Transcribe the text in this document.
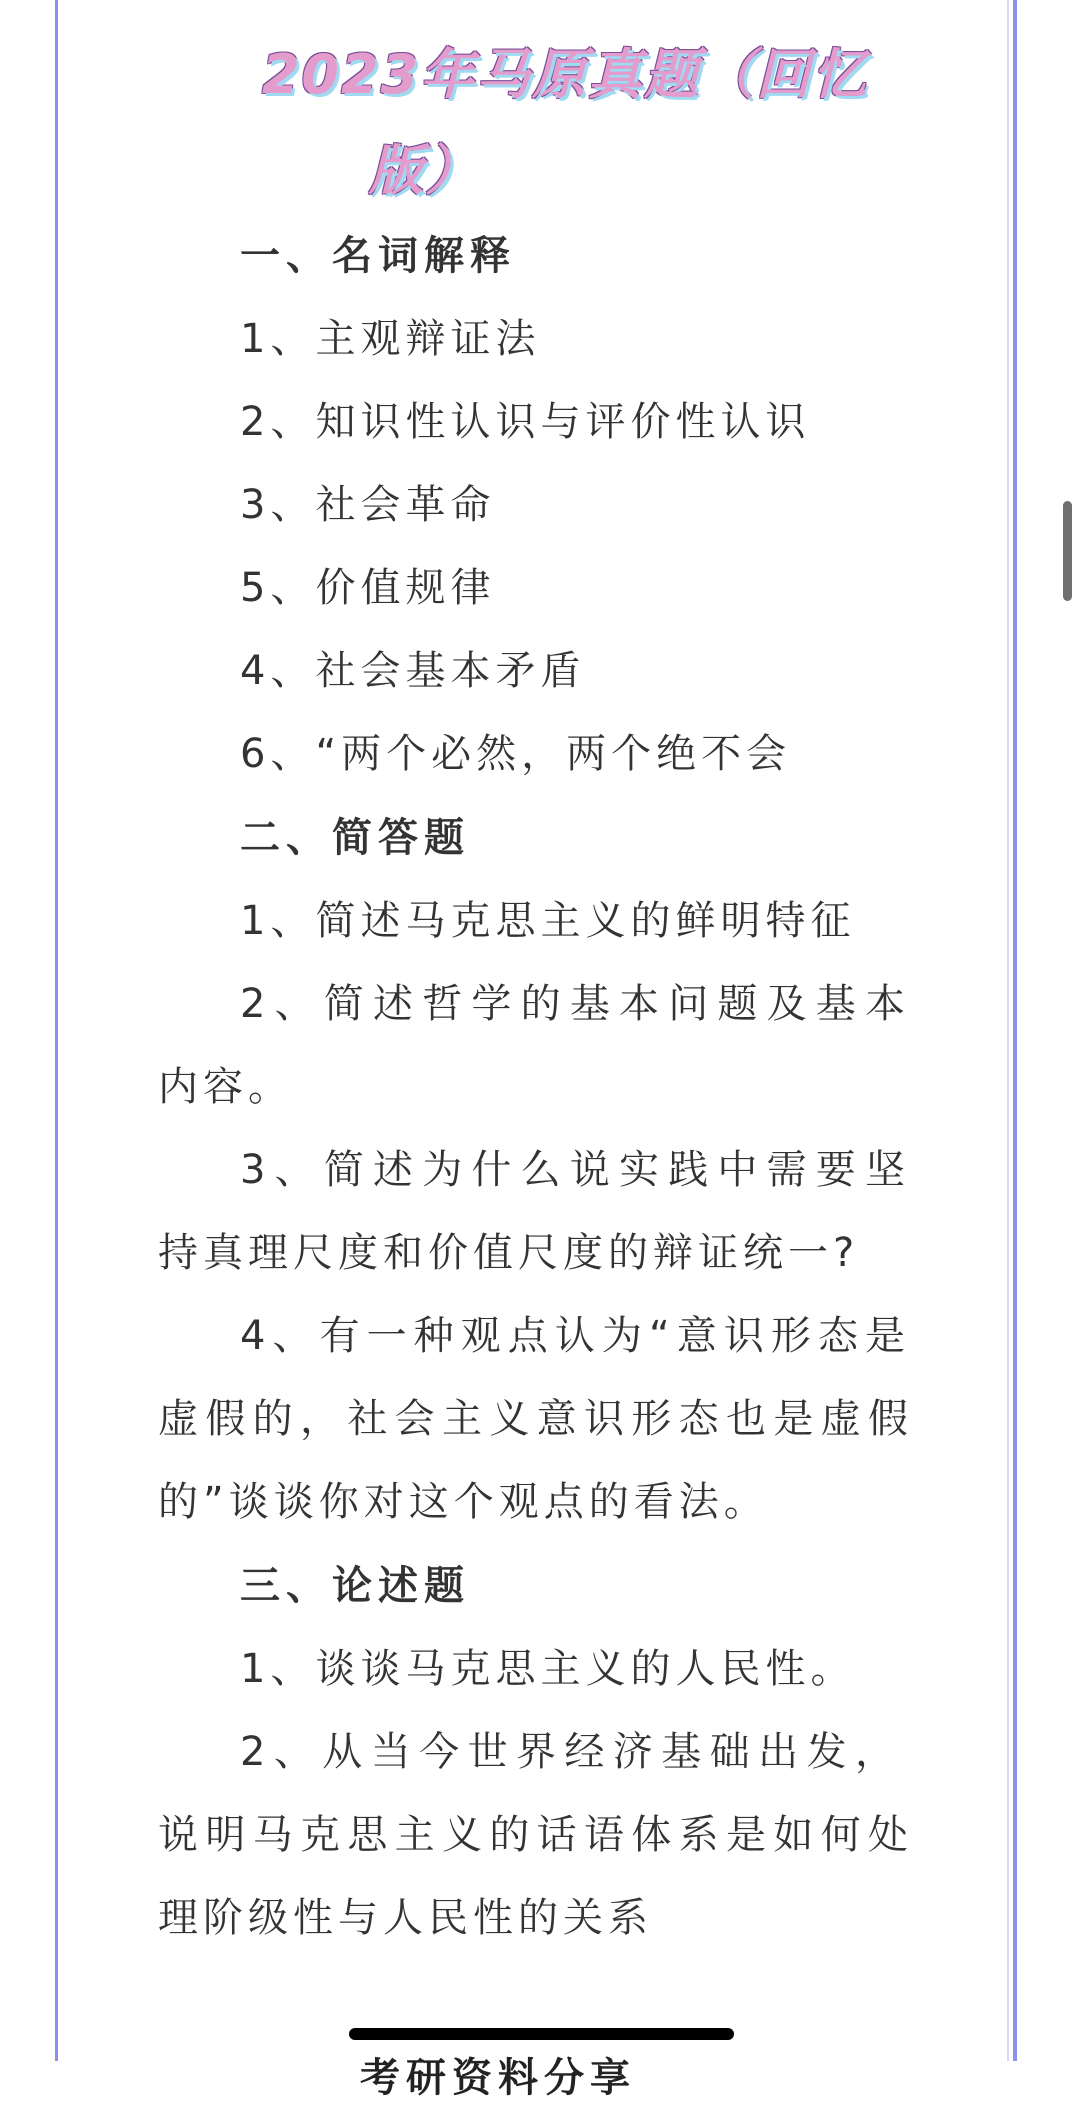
2023年马原真题（回忆
版）
一、名词解释
1、主观辩证法
2、知识性认识与评价性认识
3、社会革命
5、价值规律
4、社会基本矛盾
6、“两个必然，两个绝不会
二、简答题
1、简述马克思主义的鲜明特征
2、简述哲学的基本问题及基本
内容。
3、简述为什么说实践中需要坚
持真理尺度和价值尺度的辩证统一?
4、有一种观点认为“意识形态是
虚假的，社会主义意识形态也是虚假
的”谈谈你对这个观点的看法。
三、论述题
1、谈谈马克思主义的人民性。
2、从当今世界经济基础出发，
说明马克思主义的话语体系是如何处
理阶级性与人民性的关系
考研资料分享
